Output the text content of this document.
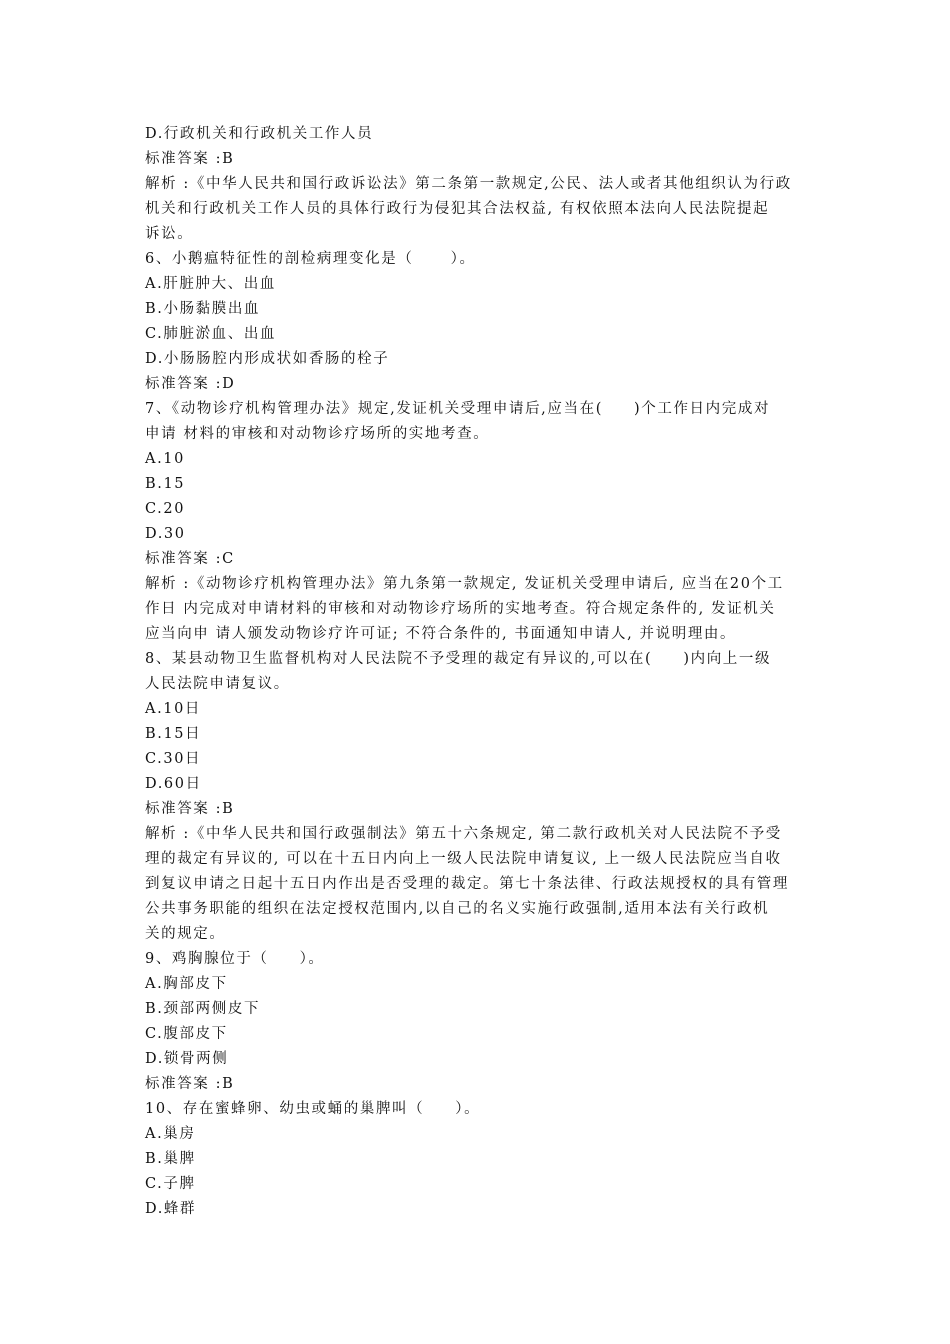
D.行政机关和行政机关工作人员
标准答案 :B
解析 :《中华人民共和国行政诉讼法》第二条第一款规定,公民、法人或者其他组织认为行政
机关和行政机关工作人员的具体行政行为侵犯其合法权益, 有权依照本法向人民法院提起
诉讼。
6、小鹅瘟特征性的剖检病理变化是（      ）。
A.肝脏肿大、出血
B.小肠黏膜出血
C.肺脏淤血、出血
D.小肠肠腔内形成状如香肠的栓子
标准答案 :D
7、《动物诊疗机构管理办法》规定,发证机关受理申请后,应当在(     )个工作日内完成对
申请 材料的审核和对动物诊疗场所的实地考查。
A.10
B.15
C.20
D.30
标准答案 :C
解析 :《动物诊疗机构管理办法》第九条第一款规定, 发证机关受理申请后, 应当在20个工
作日 内完成对申请材料的审核和对动物诊疗场所的实地考查。符合规定条件的, 发证机关
应当向申 请人颁发动物诊疗许可证; 不符合条件的, 书面通知申请人, 并说明理由。
8、某县动物卫生监督机构对人民法院不予受理的裁定有异议的,可以在(     )内向上一级
人民法院申请复议。
A.10日
B.15日
C.30日
D.60日
标准答案 :B
解析 :《中华人民共和国行政强制法》第五十六条规定, 第二款行政机关对人民法院不予受
理的裁定有异议的, 可以在十五日内向上一级人民法院申请复议, 上一级人民法院应当自收
到复议申请之日起十五日内作出是否受理的裁定。第七十条法律、行政法规授权的具有管理
公共事务职能的组织在法定授权范围内,以自己的名义实施行政强制,适用本法有关行政机
关的规定。
9、鸡胸腺位于（     ）。
A.胸部皮下
B.颈部两侧皮下
C.腹部皮下
D.锁骨两侧
标准答案 :B
10、存在蜜蜂卵、幼虫或蛹的巢脾叫（     ）。
A.巢房
B.巢脾
C.子脾
D.蜂群
